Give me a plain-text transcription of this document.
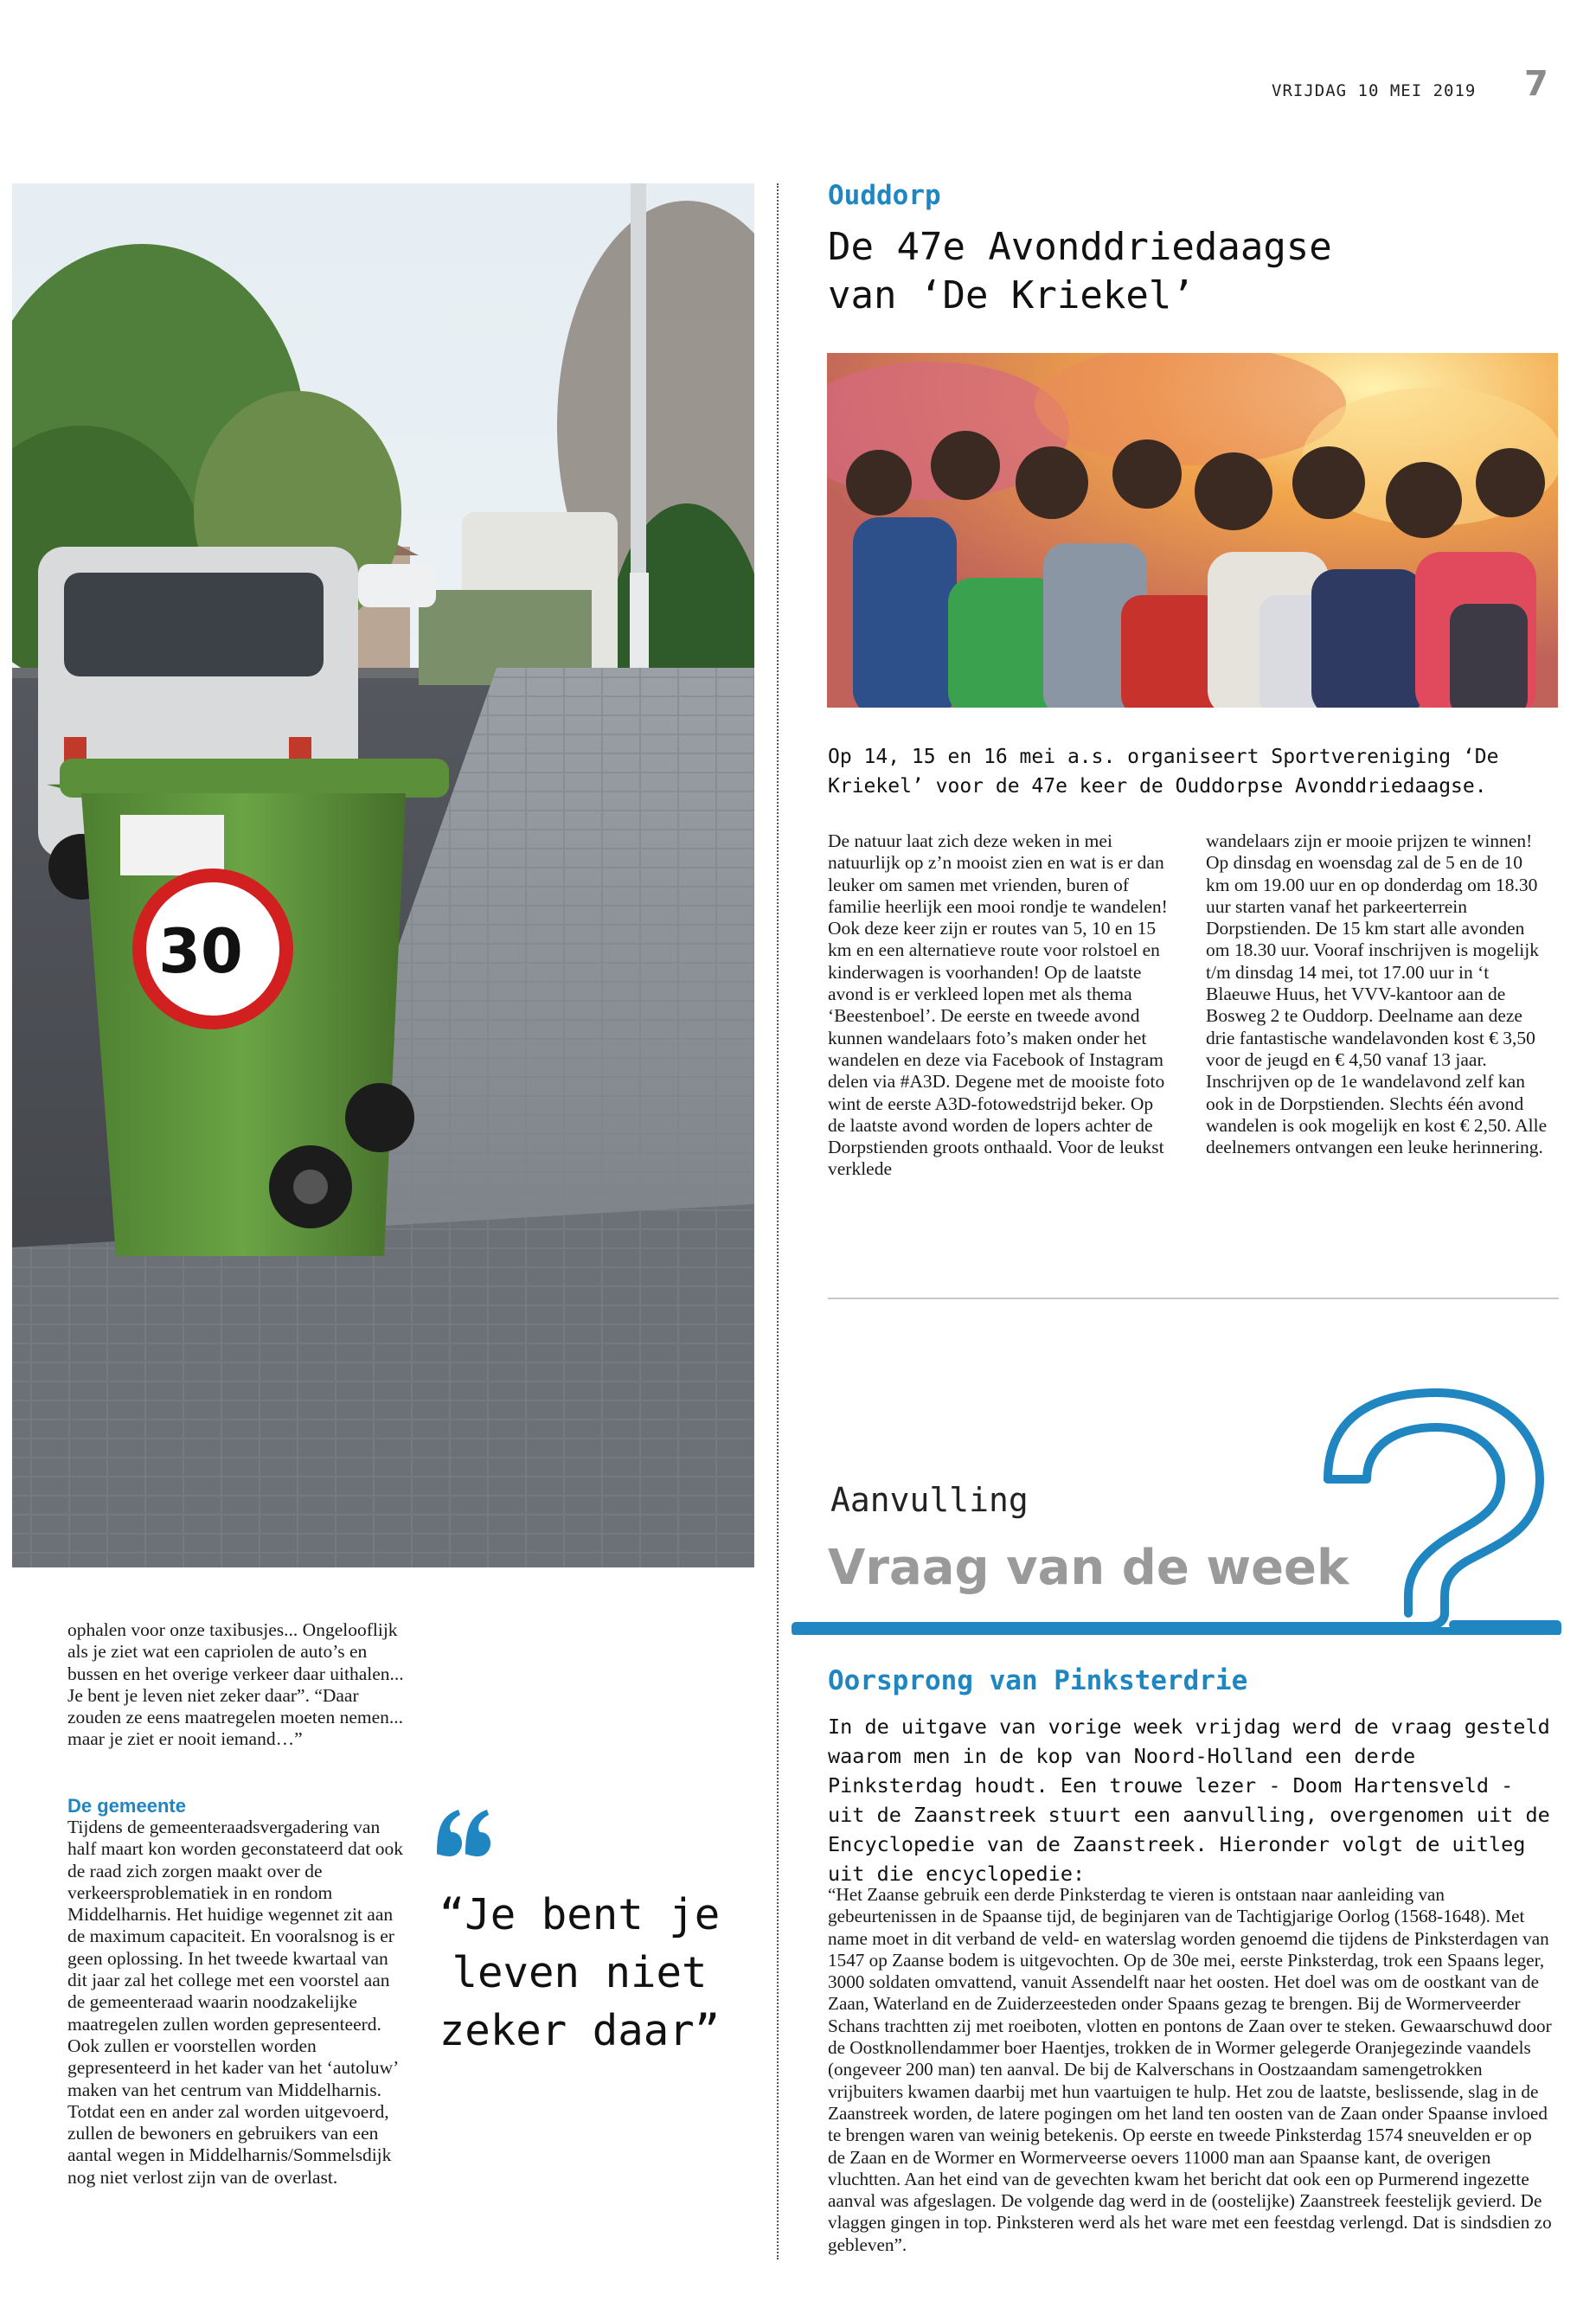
VRIJDAG 10 MEI 2019 7
30
Ouddorp
De 47e Avonddriedaagse
van ‘De Kriekel’
Op 14, 15 en 16 mei a.s. organiseert Sportvereniging ‘De Kriekel’ voor de 47e keer de Ouddorpse Avonddriedaagse.
De natuur laat zich deze weken in mei natuurlijk op z’n mooist zien en wat is er dan leuker om samen met vrienden, buren of familie heerlijk een mooi rondje te wandelen! Ook deze keer zijn er routes van 5, 10 en 15 km en een alternatieve route voor rolstoel en kinderwagen is voorhanden! Op de laatste avond is er verkleed lopen met als thema ‘Beestenboel’. De eerste en tweede avond kunnen wandelaars foto’s maken onder het wandelen en deze via Facebook of Instagram delen via #A3D. Degene met de mooiste foto wint de eerste A3D-fotowedstrijd beker. Op de laatste avond worden de lopers achter de Dorpstienden groots onthaald. Voor de leukst verklede
wandelaars zijn er mooie prijzen te winnen! Op dinsdag en woensdag zal de 5 en de 10 km om 19.00 uur en op donderdag om 18.30 uur starten vanaf het parkeerterrein Dorpstienden. De 15 km start alle avonden om 18.30 uur. Vooraf inschrijven is mogelijk t/m dinsdag 14 mei, tot 17.00 uur in ‘t Blaeuwe Huus, het VVV-kantoor aan de Bosweg 2 te Ouddorp. Deelname aan deze drie fantastische wandelavonden kost € 3,50 voor de jeugd en € 4,50 vanaf 13 jaar. Inschrijven op de 1e wandelavond zelf kan ook in de Dorpstienden. Slechts één avond wandelen is ook mogelijk en kost € 2,50. Alle deelnemers ontvangen een leuke herinnering.
Aanvulling
Vraag van de week
Oorsprong van Pinksterdrie
In de uitgave van vorige week vrijdag werd de vraag gesteld waarom men in de kop van Noord-Holland een derde Pinksterdag houdt. Een trouwe lezer - Doom Hartensveld - uit de Zaanstreek stuurt een aanvulling, overgenomen uit de Encyclopedie van de Zaanstreek. Hieronder volgt de uitleg uit die encyclopedie:
“Het Zaanse gebruik een derde Pinksterdag te vieren is ontstaan naar aanleiding van gebeurtenissen in de Spaanse tijd, de beginjaren van de Tachtigjarige Oorlog (1568-1648). Met name moet in dit verband de veld- en waterslag worden genoemd die tijdens de Pinksterdagen van 1547 op Zaanse bodem is uitgevochten. Op de 30e mei, eerste Pinksterdag, trok een Spaans leger, 3000 soldaten omvattend, vanuit Assendelft naar het oosten. Het doel was om de oostkant van de Zaan, Waterland en de Zuiderzeesteden onder Spaans gezag te brengen. Bij de Wormerveerder Schans trachtten zij met roeiboten, vlotten en pontons de Zaan over te steken. Gewaarschuwd door de Oostknollendammer boer Haentjes, trokken de in Wormer gelegerde Oranjegezinde vaandels (ongeveer 200 man) ten aanval. De bij de Kalverschans in Oostzaandam samengetrokken vrijbuiters kwamen daarbij met hun vaartuigen te hulp. Het zou de laatste, beslissende, slag in de Zaanstreek worden, de latere pogingen om het land ten oosten van de Zaan onder Spaanse invloed te brengen waren van weinig betekenis. Op eerste en tweede Pinksterdag 1574 sneuvelden er op de Zaan en de Wormer en Wormerveerse oevers 11000 man aan Spaanse kant, de overigen vluchtten. Aan het eind van de gevechten kwam het bericht dat ook een op Purmerend ingezette aanval was afgeslagen. De volgende dag werd in de (oostelijke) Zaanstreek feestelijk gevierd. De vlaggen gingen in top. Pinksteren werd als het ware met een feestdag verlengd. Dat is sindsdien zo gebleven”.
ophalen voor onze taxibusjes... Ongelooflijk als je ziet wat een capriolen de auto’s en bussen en het overige verkeer daar uithalen... Je bent je leven niet zeker daar”. “Daar zouden ze eens maatregelen moeten nemen... maar je ziet er nooit iemand…”
De gemeente
Tijdens de gemeenteraadsvergadering van half maart kon worden geconstateerd dat ook de raad zich zorgen maakt over de verkeersproblematiek in en rondom Middelharnis. Het huidige wegennet zit aan de maximum capaciteit. En vooralsnog is er geen oplossing. In het tweede kwartaal van dit jaar zal het college met een voorstel aan de gemeenteraad waarin noodzakelijke maatregelen zullen worden gepresenteerd. Ook zullen er voorstellen worden gepresenteerd in het kader van het ‘autoluw’ maken van het centrum van Middelharnis. Totdat een en ander zal worden uitgevoerd, zullen de bewoners en gebruikers van een aantal wegen in Middelharnis/Sommelsdijk nog niet verlost zijn van de overlast.
“Je bent je leven niet zeker daar”
